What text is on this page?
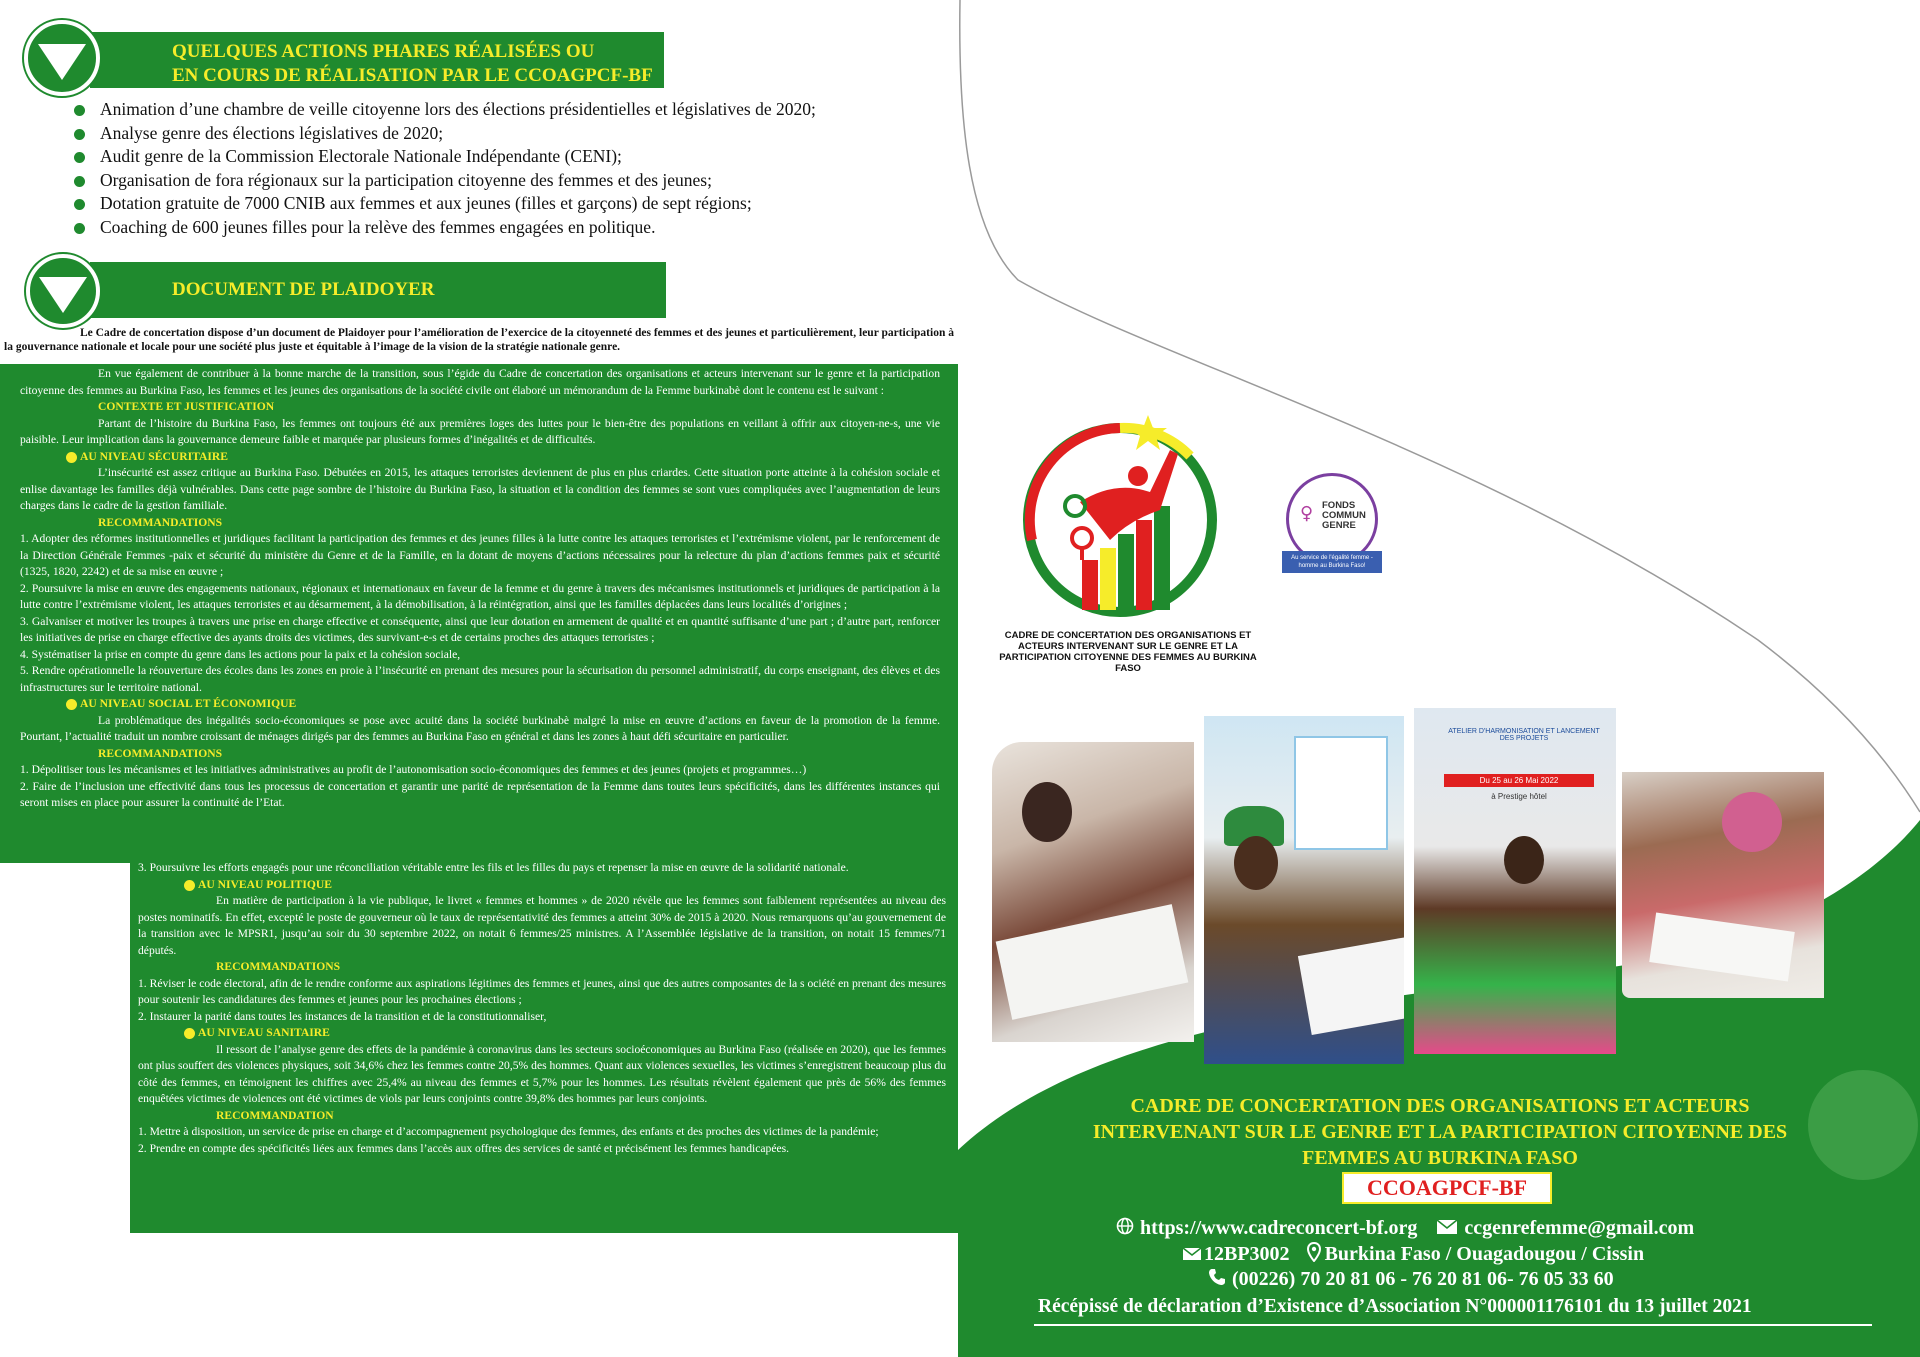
QUELQUES ACTIONS PHARES RÉALISÉES OU
EN COURS DE RÉALISATION PAR LE CCOAGPCF-BF
Animation d’une chambre de veille citoyenne lors des élections présidentielles et législatives de 2020;
Analyse genre des élections législatives de 2020;
Audit genre de la Commission Electorale Nationale Indépendante (CENI);
Organisation de fora régionaux sur la participation citoyenne des femmes et des jeunes;
Dotation gratuite de 7000 CNIB aux femmes et aux jeunes (filles et garçons) de sept régions;
Coaching de 600 jeunes filles pour la relève des femmes engagées en politique.
DOCUMENT DE PLAIDOYER
Le Cadre de concertation dispose d’un document de Plaidoyer pour l’amélioration de l’exercice de la citoyenneté des femmes et des jeunes et particulièrement, leur participation à la gouvernance nationale et locale pour une société plus juste et équitable à l’image de la vision de la stratégie nationale genre.

En vue également de contribuer à la bonne marche de la transition, sous l’égide du Cadre de concertation des organisations et acteurs intervenant sur le genre et la participation citoyenne des femmes au Burkina Faso, les femmes et les jeunes des organisations de la société civile ont élaboré un mémorandum de la Femme burkinabè dont le contenu est le suivant :

CONTEXTE ET JUSTIFICATION

Partant de l’histoire du Burkina Faso, les femmes ont toujours été aux premières loges des luttes pour le bien-être des populations en veillant à offrir aux citoyen-ne-s, une vie paisible. Leur implication dans la gouvernance demeure faible et marquée par plusieurs formes d’inégalités et de difficultés.

AU NIVEAU SÉCURITAIRE

L’insécurité est assez critique au Burkina Faso. Débutées en 2015, les attaques terroristes deviennent de plus en plus criardes. Cette situation porte atteinte à la cohésion sociale et enlise davantage les familles déjà vulnérables. Dans cette page sombre de l’histoire du Burkina Faso, la situation et la condition des femmes se sont vues compliquées avec l’augmentation de leurs charges dans le cadre de la gestion familiale.

RECOMMANDATIONS

1. Adopter des réformes institutionnelles et juridiques facilitant la participation des femmes et des jeunes filles à la lutte contre les attaques terroristes et l’extrémisme violent, par le renforcement de la Direction Générale Femmes -paix et sécurité du ministère du Genre et de la Famille, en la dotant de moyens d’actions nécessaires pour la relecture du plan d’actions femmes paix et sécurité (1325, 1820, 2242) et de sa mise en œuvre ;

2. Poursuivre la mise en œuvre des engagements nationaux, régionaux et internationaux en faveur de la femme et du genre à travers des mécanismes institutionnels et juridiques de participation à la lutte contre l’extrémisme violent, les attaques terroristes et au désarmement, à la démobilisation, à la réintégration, ainsi que les familles déplacées dans leurs localités d’origines ;

3. Galvaniser et motiver les troupes à travers une prise en charge effective et conséquente, ainsi que leur dotation en armement de qualité et en quantité suffisante d’une part ; d’autre part, renforcer les initiatives de prise en charge effective des ayants droits des victimes, des survivant-e-s et de certains proches des attaques terroristes ;

4. Systématiser la prise en compte du genre dans les actions pour la paix et la cohésion sociale,

5. Rendre opérationnelle la réouverture des écoles dans les zones en proie à l’insécurité en prenant des mesures pour la sécurisation du personnel administratif, du corps enseignant, des élèves et des infrastructures sur le territoire national.

AU NIVEAU SOCIAL ET ÉCONOMIQUE

La problématique des inégalités socio-économiques se pose avec acuité dans la société burkinabè malgré la mise en œuvre d’actions en faveur de la promotion de la femme. Pourtant, l’actualité traduit un nombre croissant de ménages dirigés par des femmes au Burkina Faso en général et dans les zones à haut défi sécuritaire en particulier.

RECOMMANDATIONS

1. Dépolitiser tous les mécanismes et les initiatives administratives au profit de l’autonomisation socio-économiques des femmes et des jeunes (projets et programmes…)

2. Faire de l’inclusion une effectivité dans tous les processus de concertation et garantir une parité de représentation de la Femme dans toutes leurs spécificités, dans les différentes instances qui seront mises en place pour assurer la continuité de l’Etat.

3. Poursuivre les efforts engagés pour une réconciliation véritable entre les fils et les filles du pays et repenser la mise en œuvre de la solidarité nationale.

AU NIVEAU POLITIQUE

En matière de participation à la vie publique, le livret « femmes et hommes » de 2020 révèle que les femmes sont faiblement représentées au niveau des postes nominatifs. En effet, excepté le poste de gouverneur où le taux de représentativité des femmes a atteint 30% de 2015 à 2020. Nous remarquons qu’au gouvernement de la transition avec le MPSR1, jusqu’au soir du 30 septembre 2022, on notait 6 femmes/25 ministres. A l’Assemblée législative de la transition, on notait 15 femmes/71 députés.

RECOMMANDATIONS

1. Réviser le code électoral, afin de le rendre conforme aux aspirations légitimes des femmes et jeunes, ainsi que des autres composantes de la s ociété en prenant des mesures pour soutenir les candidatures des femmes et jeunes pour les prochaines élections ;

2. Instaurer la parité dans toutes les instances de la transition et de la constitutionnaliser,

AU NIVEAU SANITAIRE

Il ressort de l’analyse genre des effets de la pandémie à coronavirus dans les secteurs socioéconomiques au Burkina Faso (réalisée en 2020), que les femmes ont plus souffert des violences physiques, soit 34,6% chez les femmes contre 20,5% des hommes. Quant aux violences sexuelles, les victimes s’enregistrent beaucoup plus du côté des femmes, en témoignent les chiffres avec 25,4% au niveau des femmes et 5,7% pour les hommes. Les résultats révèlent également que près de 56% des femmes enquêtées victimes de violences ont été victimes de viols par leurs conjoints contre 39,8% des hommes par leurs conjoints.

RECOMMANDATION

1. Mettre à disposition, un service de prise en charge et d’accompagnement psychologique des femmes, des enfants et des proches des victimes de la pandémie;

2. Prendre en compte des spécificités liées aux femmes dans l’accès aux offres des services de santé et précisément les femmes handicapées.

CADRE DE CONCERTATION DES ORGANISATIONS ET ACTEURS INTERVENANT SUR LE GENRE ET LA PARTICIPATION CITOYENNE DES FEMMES AU BURKINA FASO
♀ FONDS
COMMUN
GENRE
Au service de l'égalité femme - homme au Burkina Faso!
ATELIER D'HARMONISATION ET LANCEMENT DES PROJETS
Du 25 au 26 Mai 2022
à Prestige hôtel
CADRE DE CONCERTATION DES ORGANISATIONS ET ACTEURS INTERVENANT SUR LE GENRE ET LA PARTICIPATION CITOYENNE DES FEMMES AU BURKINA FASO
CCOAGPCF-BF
https://www.cadreconcert-bf.org ccgenrefemme@gmail.com
12BP3002 Burkina Faso / Ouagadougou / Cissin
(00226) 70 20 81 06 - 76 20 81 06- 76 05 33 60
Récépissé de déclaration d’Existence d’Association N°000001176101 du 13 juillet 2021
